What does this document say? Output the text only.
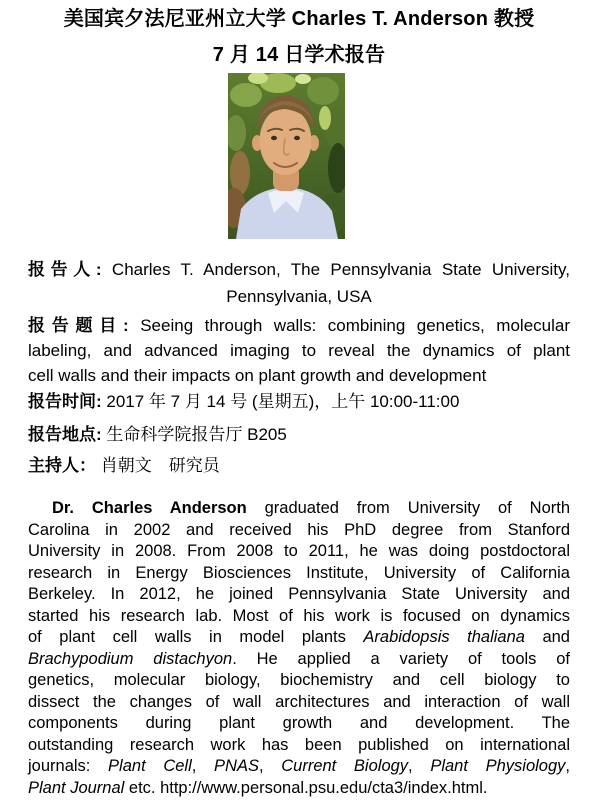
美国宾夕法尼亚州立大学 Charles T. Anderson 教授
7 月 14 日学术报告
报告人: Charles T. Anderson, The Pennsylvania State University,
Pennsylvania, USA
报告题目: Seeing through walls: combining genetics, molecular
labeling, and advanced imaging to reveal the dynamics of plant
cell walls and their impacts on plant growth and development
报告时间: 2017 年 7 月 14 号 (星期五)，上午 10:00-11:00
报告地点: 生命科学院报告厅 B205
主持人： 肖朝文　研究员
Dr. Charles Anderson graduated from University of North
Carolina in 2002 and received his PhD degree from Stanford
University in 2008. From 2008 to 2011, he was doing postdoctoral
research in Energy Biosciences Institute, University of California
Berkeley. In 2012, he joined Pennsylvania State University and
started his research lab. Most of his work is focused on dynamics
of plant cell walls in model plants Arabidopsis thaliana and
Brachypodium distachyon. He applied a variety of tools of
genetics, molecular biology, biochemistry and cell biology to
dissect the changes of wall architectures and interaction of wall
components during plant growth and development. The
outstanding research work has been published on international
journals: Plant Cell, PNAS, Current Biology, Plant Physiology,
Plant Journal etc. http://www.personal.psu.edu/cta3/index.html.
